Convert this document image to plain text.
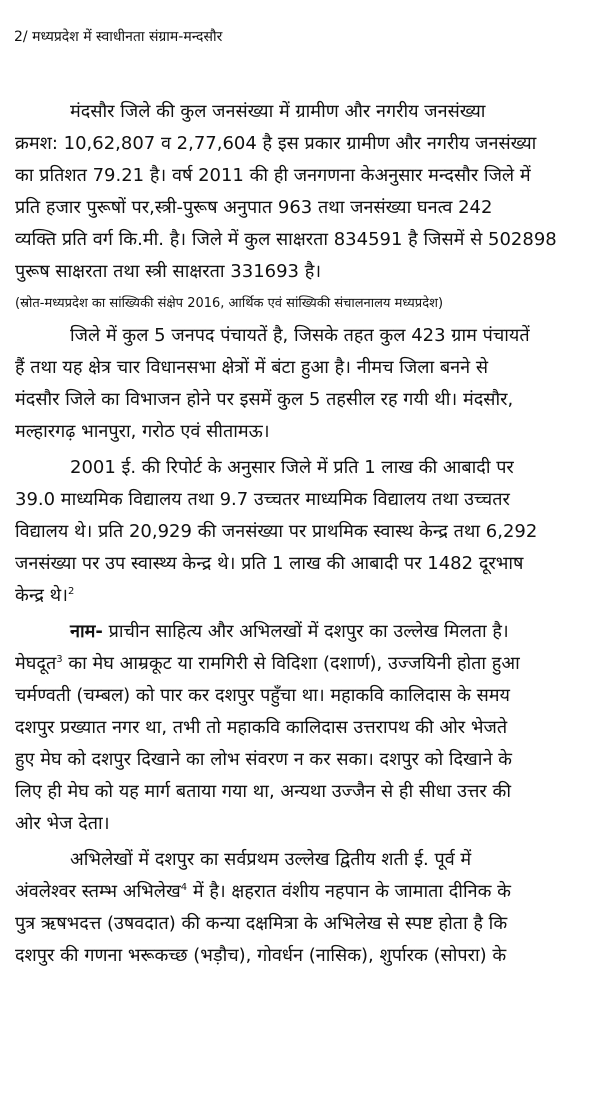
2/ मध्यप्रदेश में स्वाधीनता संग्राम-मन्दसौर

मंदसौर जिले की कुल जनसंख्या में ग्रामीण और नगरीय जनसंख्या
क्रमश: 10,62,807 व 2,77,604 है इस प्रकार ग्रामीण और नगरीय जनसंख्या
का प्रतिशत 79.21 है। वर्ष 2011 की ही जनगणना केअनुसार मन्दसौर जिले में
प्रति हजार पुरूषों पर,स्त्री-पुरूष अनुपात 963 तथा जनसंख्या घनत्व 242
व्यक्ति प्रति वर्ग कि.मी. है। जिले में कुल साक्षरता 834591 है जिसमें से 502898
पुरूष साक्षरता तथा स्त्री साक्षरता 331693 है।

(स्रोत-मध्यप्रदेश का सांख्यिकी संक्षेप 2016, आर्थिक एवं सांख्यिकी संचालनालय मध्यप्रदेश)

जिले में कुल 5 जनपद पंचायतें है, जिसके तहत कुल 423 ग्राम पंचायतें
हैं तथा यह क्षेत्र चार विधानसभा क्षेत्रों में बंटा हुआ है। नीमच जिला बनने से
मंदसौर जिले का विभाजन होने पर इसमें कुल 5 तहसील रह गयी थी। मंदसौर,
मल्हारगढ़ भानपुरा, गरोठ एवं सीतामऊ।

2001 ई. की रिपोर्ट के अनुसार जिले में प्रति 1 लाख की आबादी पर
39.0 माध्यमिक विद्यालय तथा 9.7 उच्चतर माध्यमिक विद्यालय तथा उच्चतर
विद्यालय थे। प्रति 20,929 की जनसंख्या पर प्राथमिक स्वास्थ केन्द्र तथा 6,292
जनसंख्या पर उप स्वास्थ्य केन्द्र थे। प्रति 1 लाख की आबादी पर 1482 दूरभाष
केन्द्र थे।$^2$

नाम- प्राचीन साहित्य और अभिलखों में दशपुर का उल्लेख मिलता है।
मेघदूत$^3$ का मेघ आम्रकूट या रामगिरी से विदिशा (दशार्ण), उज्जयिनी होता हुआ
चर्मण्वती (चम्बल) को पार कर दशपुर पहुँचा था। महाकवि कालिदास के समय
दशपुर प्रख्यात नगर था, तभी तो महाकवि कालिदास उत्तरापथ की ओर भेजते
हुए मेघ को दशपुर दिखाने का लोभ संवरण न कर सका। दशपुर को दिखाने के
लिए ही मेघ को यह मार्ग बताया गया था, अन्यथा उज्जैन से ही सीधा उत्तर की
ओर भेज देता।

अभिलेखों में दशपुर का सर्वप्रथम उल्लेख द्वितीय शती ई. पूर्व में
अंवलेश्वर स्तम्भ अभिलेख$^4$ में है। क्षहरात वंशीय नहपान के जामाता दीनिक के
पुत्र ऋषभदत्त (उषवदात) की कन्या दक्षमित्रा के अभिलेख से स्पष्ट होता है कि
दशपुर की गणना भरूकच्छ (भड़ौच), गोवर्धन (नासिक), शुर्पारक (सोपरा) के
